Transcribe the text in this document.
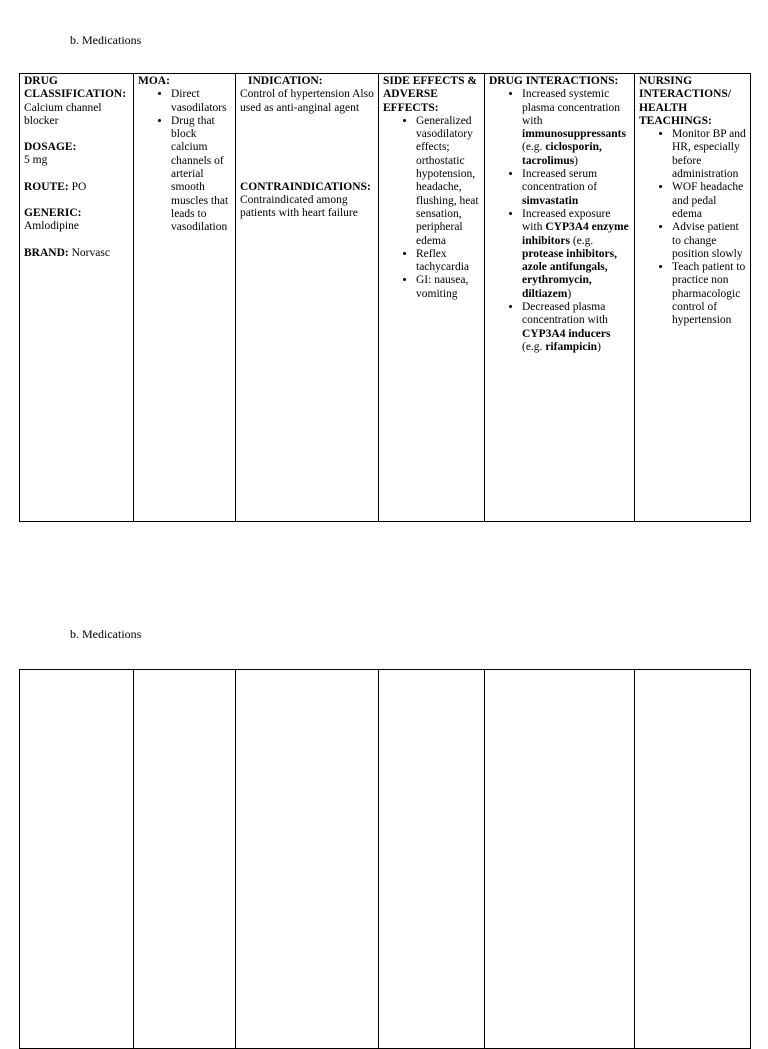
b. Medications
DRUG CLASSIFICATION:
Calcium channel blocker
DOSAGE:
5 mg
ROUTE: PO
GENERIC:
Amlodipine
BRAND: Norvasc

MOA:
• Direct vasodilators
• Drug that block calcium channels of arterial smooth muscles that leads to vasodilation

INDICATION:
Control of hypertension Also used as anti-anginal agent
CONTRAINDICATIONS:
Contraindicated among patients with heart failure

SIDE EFFECTS & ADVERSE EFFECTS:
• Generalized vasodilatory effects; orthostatic hypotension, headache, flushing, heat sensation, peripheral edema
• Reflex tachycardia
• GI: nausea, vomiting

DRUG INTERACTIONS:
• Increased systemic plasma concentration with immunosuppressants (e.g. ciclosporin, tacrolimus)
• Increased serum concentration of simvastatin
• Increased exposure with CYP3A4 enzyme inhibitors (e.g. protease inhibitors, azole antifungals, erythromycin, diltiazem)
• Decreased plasma concentration with CYP3A4 inducers (e.g. rifampicin)

NURSING INTERACTIONS/ HEALTH TEACHINGS:
• Monitor BP and HR, especially before administration
• WOF headache and pedal edema
• Advise patient to change position slowly
• Teach patient to practice non pharmacologic control of hypertension
b. Medications
